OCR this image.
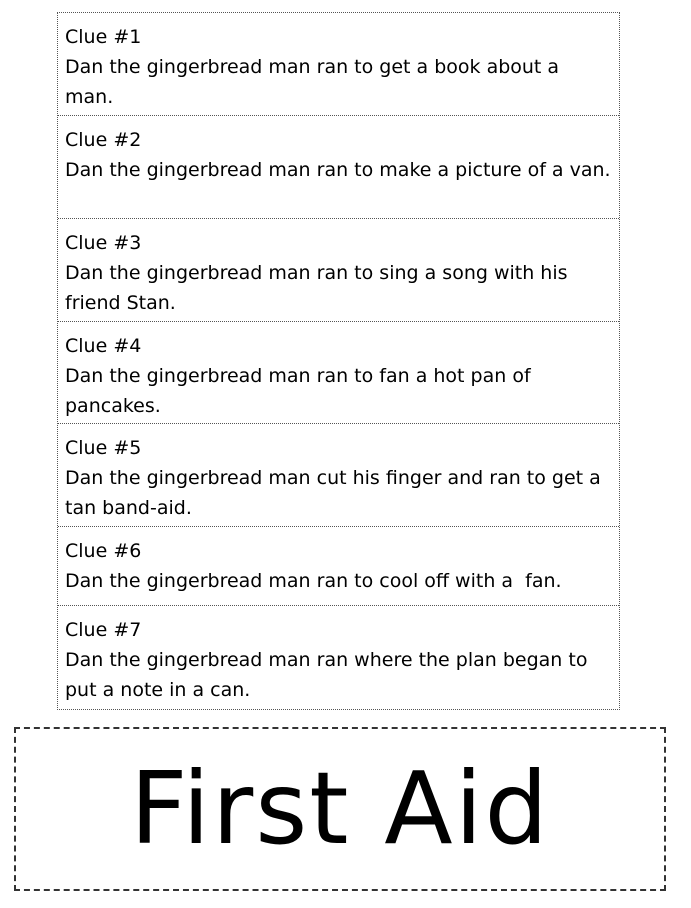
Clue #1
Dan the gingerbread man ran to get a book about a man.
Clue #2
Dan the gingerbread man ran to make a picture of a van.
Clue #3
Dan the gingerbread man ran to sing a song with his friend Stan.
Clue #4
Dan the gingerbread man ran to fan a hot pan of pancakes.
Clue #5
Dan the gingerbread man cut his finger and ran to get a tan band-aid.
Clue #6
Dan the gingerbread man ran to cool off with a  fan.
Clue #7
Dan the gingerbread man ran where the plan began to put a note in a can.
First Aid
